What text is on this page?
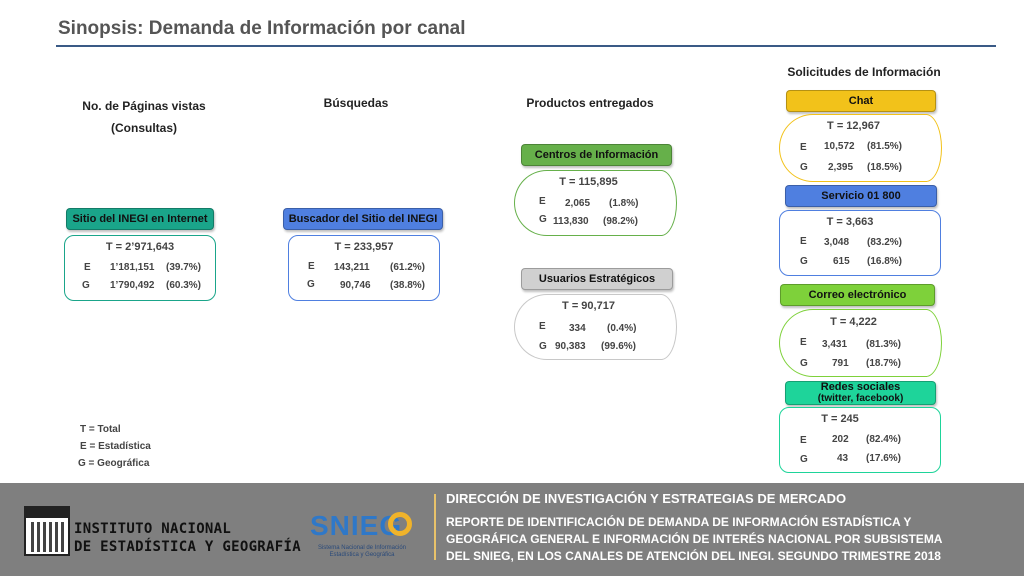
Sinopsis: Demanda de Información por canal
No. de Páginas vistas
(Consultas)
Búsquedas	Productos entregados
Solicitudes de Información
Sitio del INEGI en Internet
T = 2’971,643
E 1’181,151 (39.7%)
G 1’790,492 (60.3%)
Buscador del Sitio del INEGI
T = 233,957
E 143,211 (61.2%)
G	90,746 (38.8%)
Centros de Información
T = 115,895
E 2,065 (1.8%)
G 113,830 (98.2%)
Usuarios Estratégicos
T = 90,717
E 334 (0.4%)
G 90,383 (99.6%)
Chat
T = 12,967
E 10,572 (81.5%)
G 2,395 (18.5%)
Servicio 01 800
T = 3,663
E 3,048 (83.2%)
G	615 (16.8%)
Correo electrónico
T = 4,222
E 3,431 (81.3%)
G 791 (18.7%)
Redes sociales
(twitter, facebook)
T = 245
E	202 (82.4%)
G	43 (17.6%)
T = Total
E = Estadística
G = Geográfica
INSTITUTO NACIONAL
DE ESTADÍSTICA Y GEOGRAFÍA
SNIEG
Sistema Nacional de Información
Estadística y Geográfica
DIRECCIÓN DE INVESTIGACIÓN Y ESTRATEGIAS DE MERCADO
REPORTE DE IDENTIFICACIÓN DE DEMANDA DE INFORMACIÓN ESTADÍSTICA Y
GEOGRÁFICA GENERAL E INFORMACIÓN DE INTERÉS NACIONAL POR SUBSISTEMA
DEL SNIEG, EN LOS CANALES DE ATENCIÓN DEL INEGI. SEGUNDO TRIMESTRE 2018
